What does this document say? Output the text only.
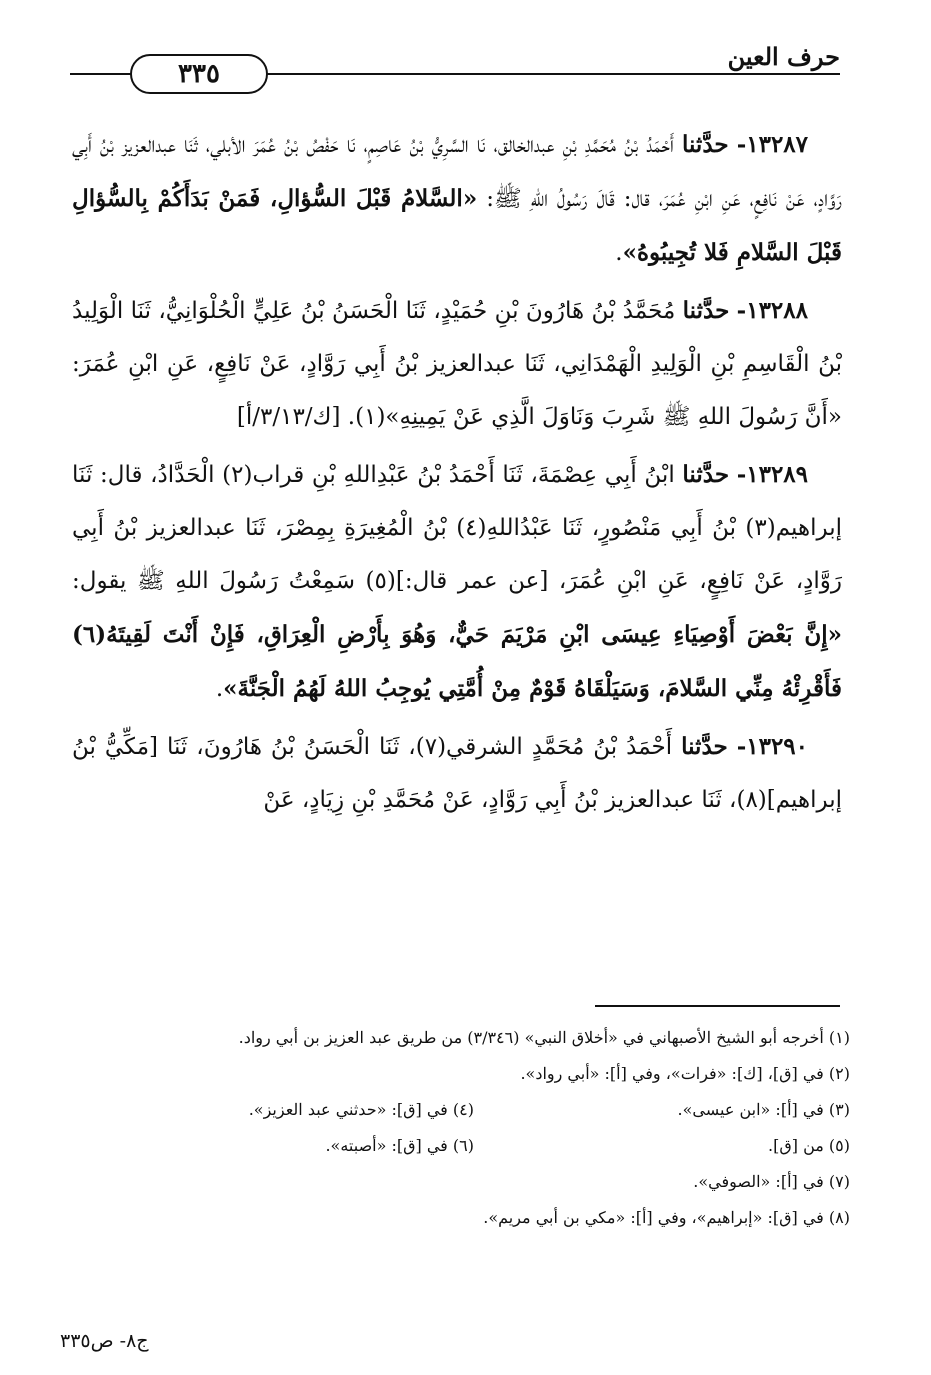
حرف العين
٣٣٥

١٣٢٨٧- حدَّثنا أَحْمَدُ بْنُ مُحَمَّدِ بْنِ عبدالخالق، نَا السَّرِيُّ بْنُ عَاصِمٍ، نَا حَفْصُ بْنُ عُمَرَ الأبلي، ثَنَا عبدالعزيز بْنُ أَبِي رَوَّادٍ، عَنْ نَافِعٍ، عَنِ ابْنِ عُمَرَ، قال: قَالَ رَسُولُ اللهِ ﷺ: «السَّلامُ قَبْلَ السُّؤالِ، فَمَنْ بَدَأَكُمْ بِالسُّؤالِ قَبْلَ السَّلامِ فَلا تُجِيبُوهُ».

١٣٢٨٨- حدَّثنا مُحَمَّدُ بْنُ هَارُونَ بْنِ حُمَيْدٍ، ثَنَا الْحَسَنُ بْنُ عَلِيٍّ الْحُلْوَانِيُّ، ثَنَا الْوَلِيدُ بْنُ الْقَاسِمِ بْنِ الْوَلِيدِ الْهَمْدَانِي، ثَنَا عبدالعزيز بْنُ أَبِي رَوَّادٍ، عَنْ نَافِعٍ، عَنِ ابْنِ عُمَرَ: «أَنَّ رَسُولَ اللهِ ﷺ شَرِبَ وَنَاوَلَ الَّذِي عَنْ يَمِينِهِ»(١). [ك/٣/١٣/أ]

١٣٢٨٩- حدَّثنا ابْنُ أَبِي عِصْمَةَ، ثَنَا أَحْمَدُ بْنُ عَبْدِاللهِ بْنِ قراب(٢) الْحَدَّادُ، قال: ثَنَا إبراهيم(٣) بْنُ أَبِي مَنْصُورٍ، ثَنَا عَبْدُاللهِ(٤) بْنُ الْمُغِيرَةِ بِمِصْرَ، ثَنَا عبدالعزيز بْنُ أَبِي رَوَّادٍ، عَنْ نَافِعٍ، عَنِ ابْنِ عُمَرَ، [عن عمر قال:](٥) سَمِعْتُ رَسُولَ اللهِ ﷺ يقول: «إِنَّ بَعْضَ أَوْصِيَاءِ عِيسَى ابْنِ مَرْيَمَ حَيٌّ، وَهُوَ بِأَرْضِ الْعِرَاقِ، فَإِنْ أَنْتَ لَقِيتَهُ(٦) فَأَقْرِئْهُ مِنِّي السَّلامَ، وَسَيَلْقَاهُ قَوْمٌ مِنْ أُمَّتِي يُوجِبُ اللهُ لَهُمُ الْجَنَّةَ».

١٣٢٩٠- حدَّثنا أَحْمَدُ بْنُ مُحَمَّدٍ الشرقي(٧)، ثَنَا الْحَسَنُ بْنُ هَارُونَ، ثَنَا [مَكِّيُّ بْنُ إبراهيم](٨)، ثَنَا عبدالعزيز بْنُ أَبِي رَوَّادٍ، عَنْ مُحَمَّدِ بْنِ زِيَادٍ، عَنْ

(١) أخرجه أبو الشيخ الأصبهاني في «أخلاق النبي» (٣/٣٤٦) من طريق عبد العزيز بن أبي رواد.
(٢) في [ق]، [ك]: «فرات»، وفي [أ]: «أبي رواد».
(٣) في [أ]: «ابن عيسى».
(٤) في [ق]: «حدثني عبد العزيز».
(٥) من [ق].
(٦) في [ق]: «أصبته».
(٧) في [أ]: «الصوفي».
(٨) في [ق]: «إبراهيم»، وفي [أ]: «مكي بن أبي مريم».
ج٨- ص٣٣٥
